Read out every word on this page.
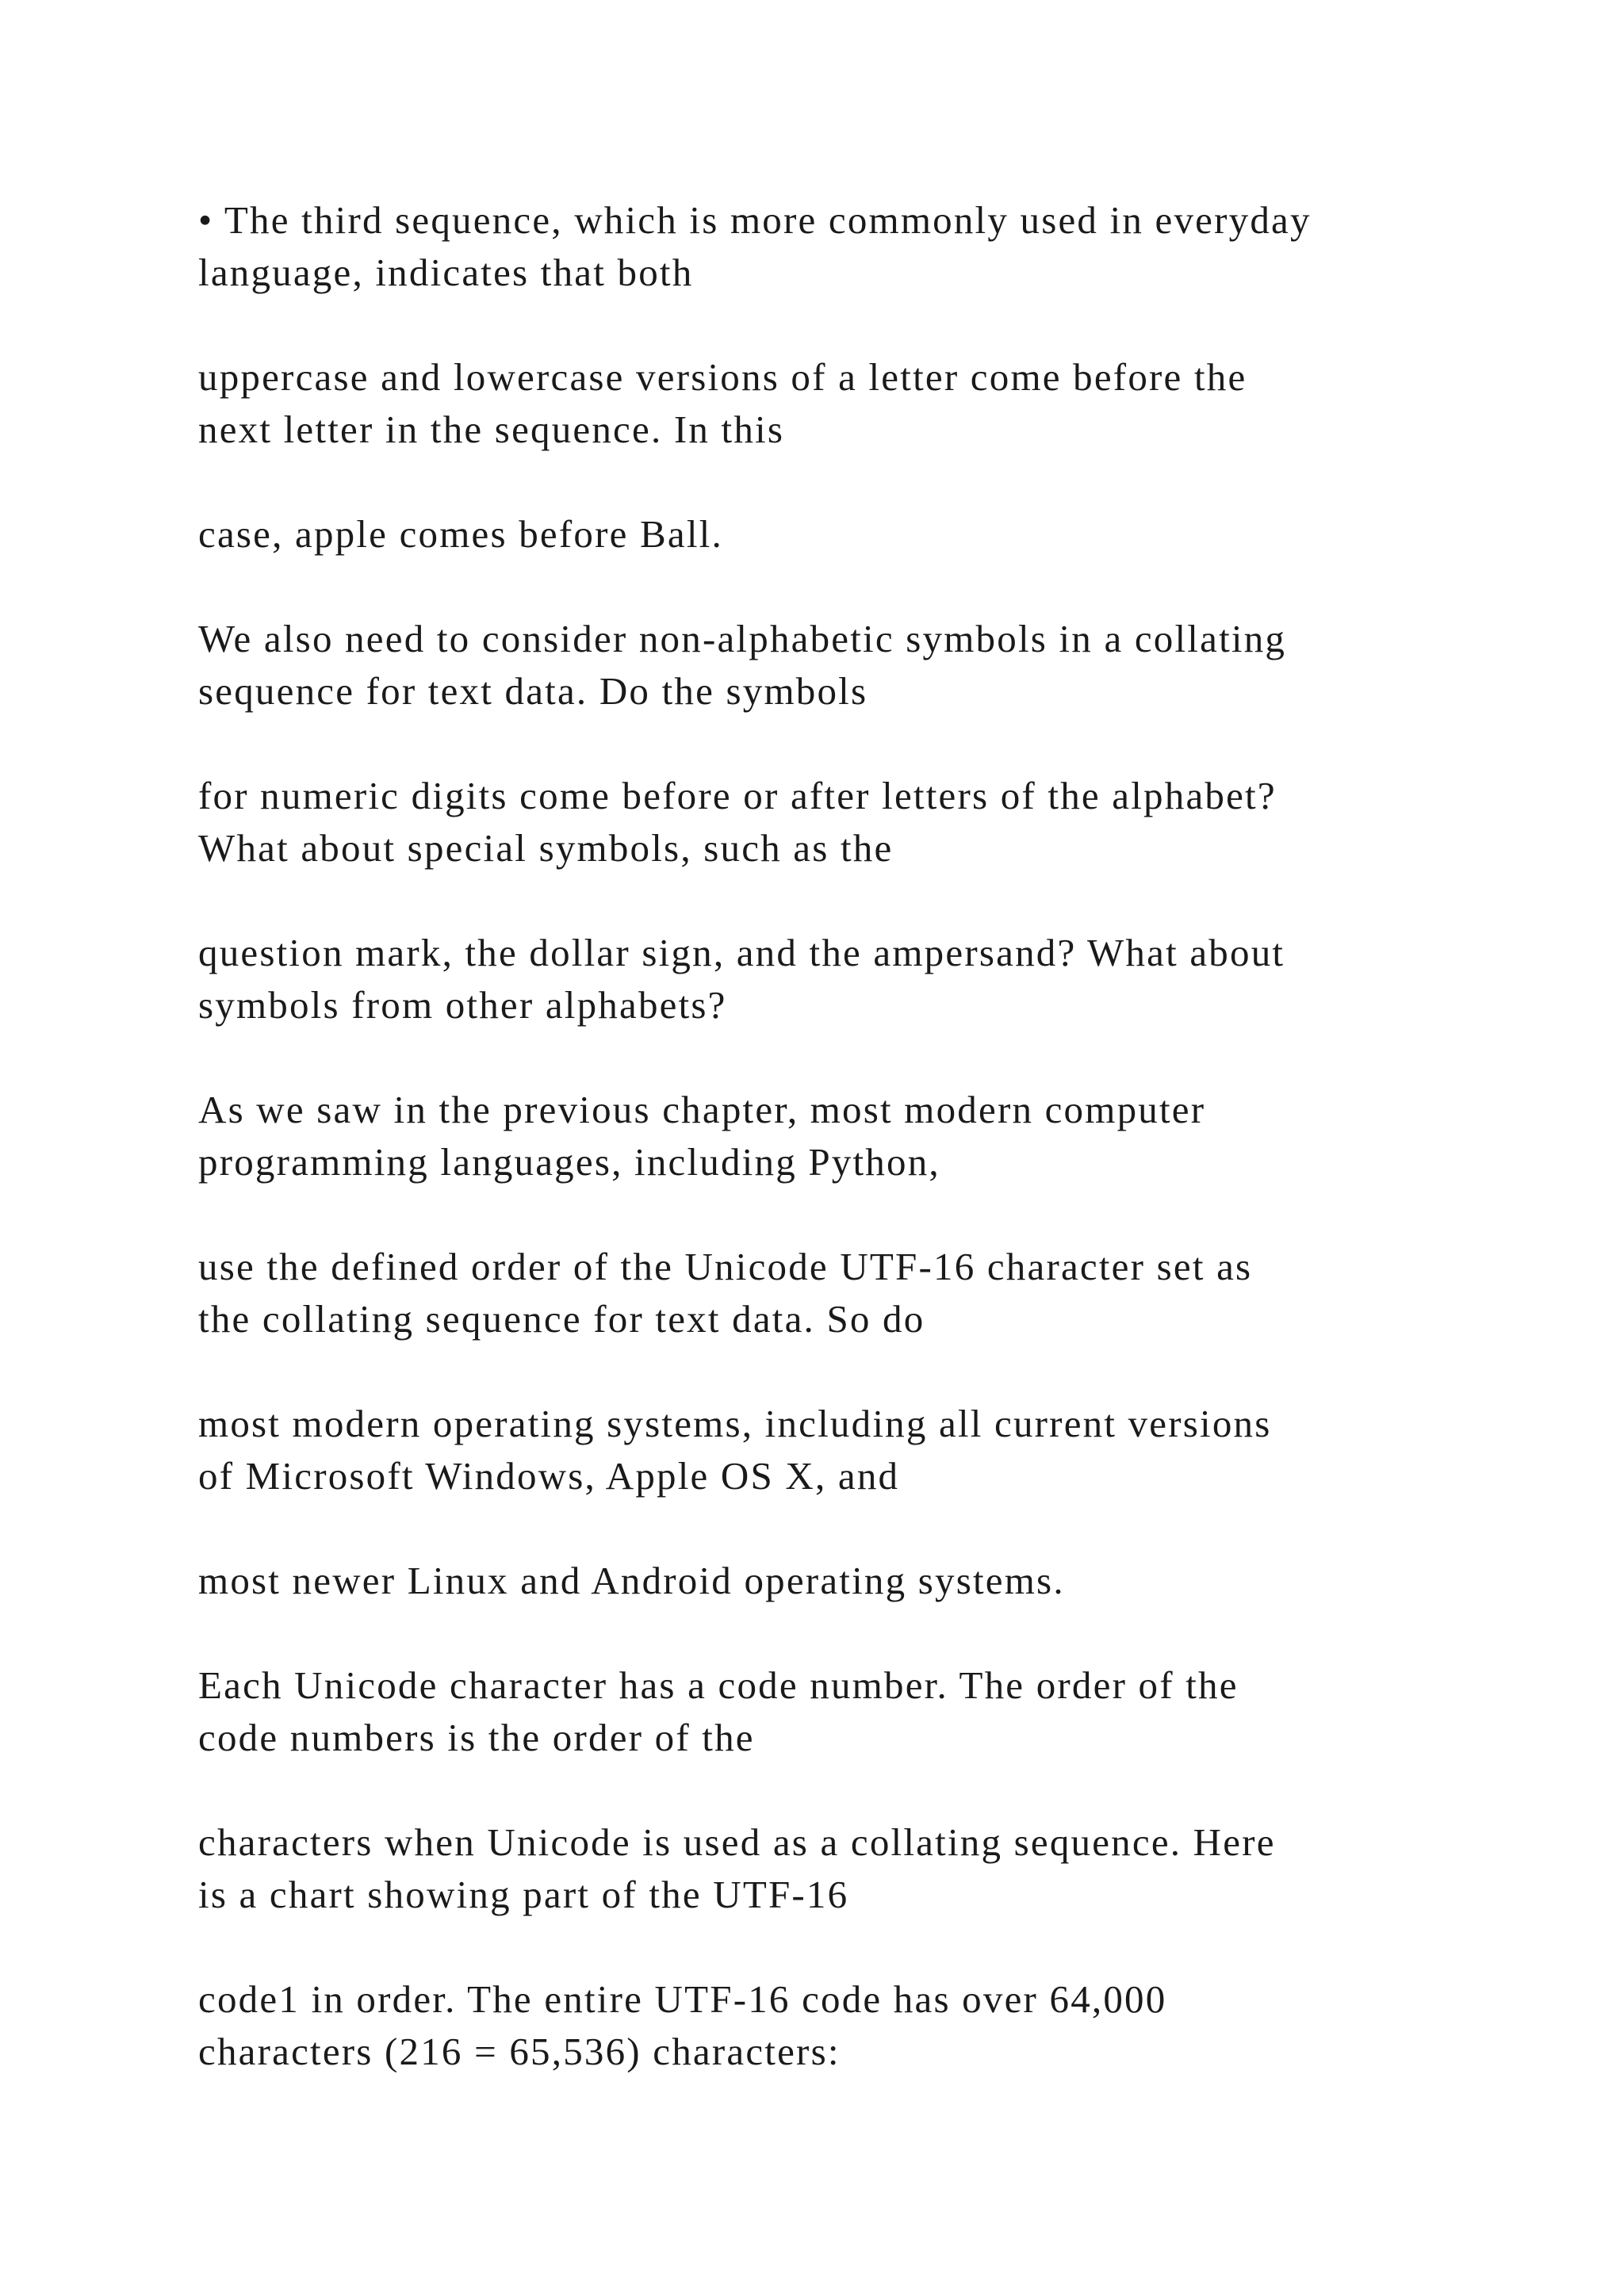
• The third sequence, which is more commonly used in everyday
language, indicates that both

uppercase and lowercase versions of a letter come before the
next letter in the sequence. In this

case, apple comes before Ball.

We also need to consider non-alphabetic symbols in a collating
sequence for text data. Do the symbols

for numeric digits come before or after letters of the alphabet?
What about special symbols, such as the

question mark, the dollar sign, and the ampersand? What about
symbols from other alphabets?

As we saw in the previous chapter, most modern computer
programming languages, including Python,

use the defined order of the Unicode UTF-16 character set as
the collating sequence for text data. So do

most modern operating systems, including all current versions
of Microsoft Windows, Apple OS X, and

most newer Linux and Android operating systems.

Each Unicode character has a code number. The order of the
code numbers is the order of the

characters when Unicode is used as a collating sequence. Here
is a chart showing part of the UTF-16

code1 in order. The entire UTF-16 code has over 64,000
characters (216 = 65,536) characters:
